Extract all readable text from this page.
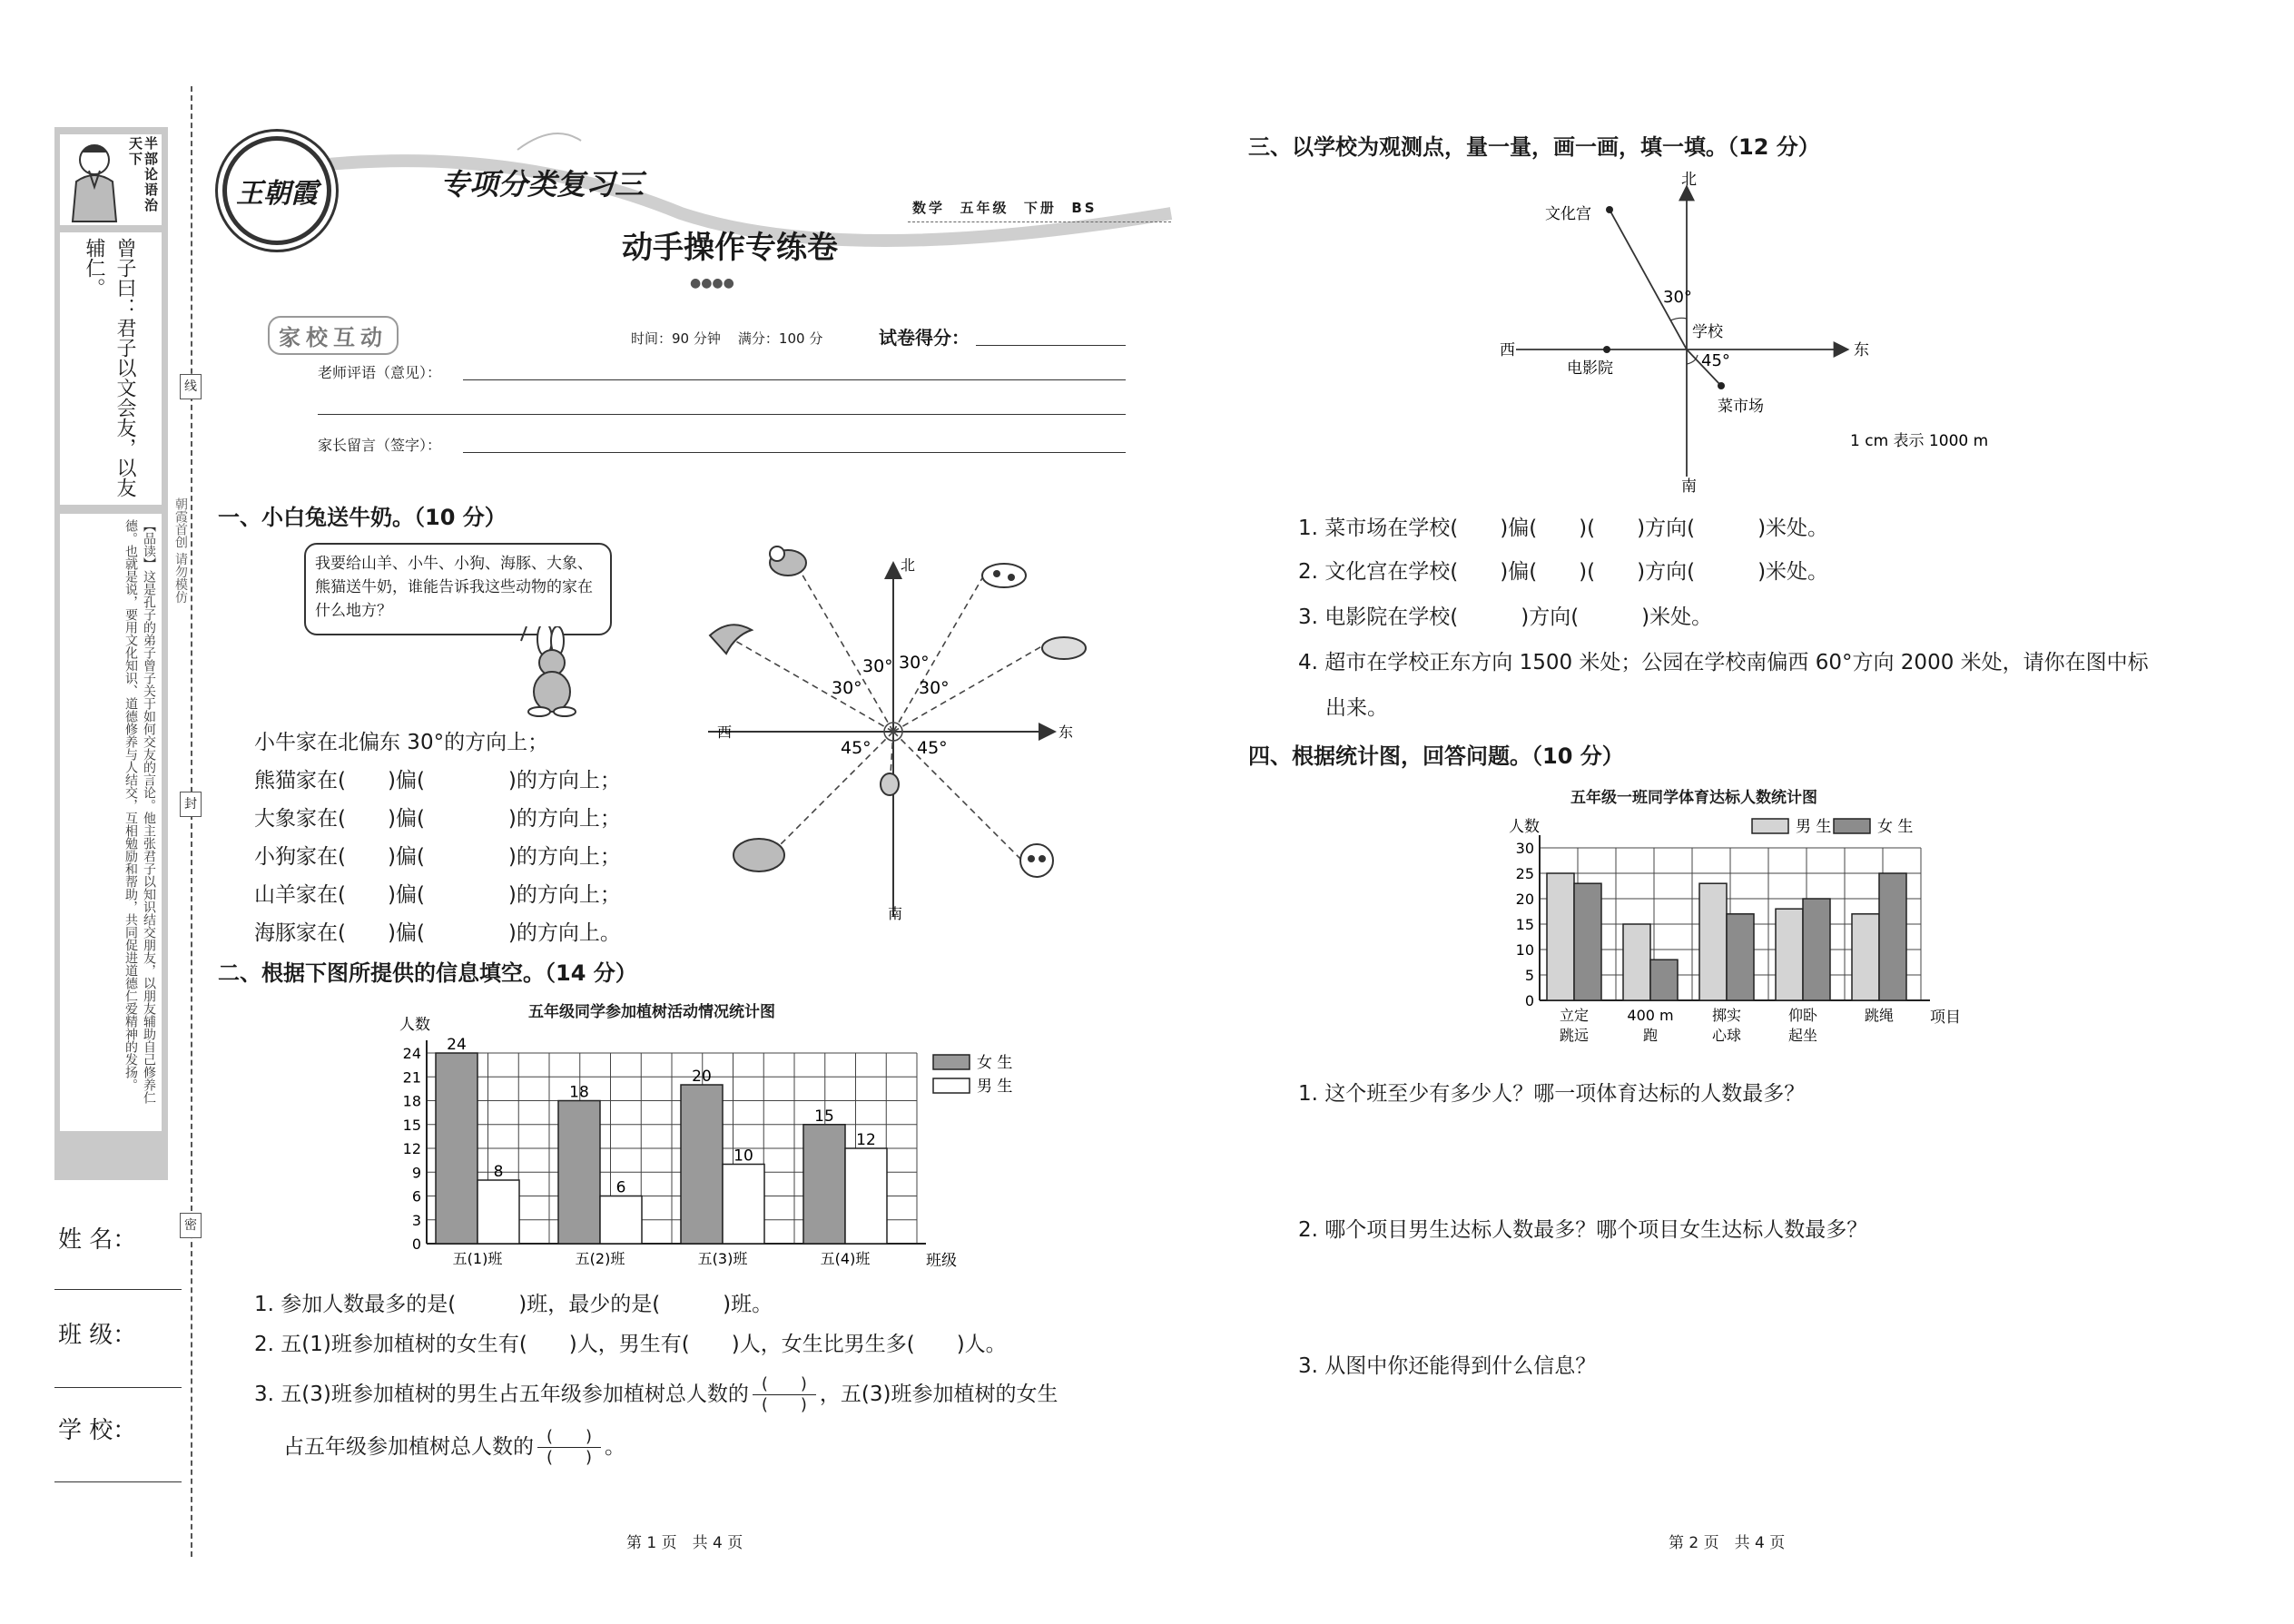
半部论语治天下
曾子曰：君子以文会友，以友辅仁。
【品读】这是孔子的弟子曾子关于如何交友的言论。他主张君子以知识结交朋友，以朋友辅助自己修养仁德。也就是说，要用文化知识、道德修养与人结交，互相勉励和帮助，共同促进道德仁爱精神的发扬。	朝霞首创 请勿模仿
线
封
密
姓 名：
班 级：
学 校：
王朝霞	专项分类复习三
数学  五年级  下册  BS
动手操作专练卷
●●●●
家校互动	时间：90 分钟    满分：100 分	试卷得分：
老师评语（意见）：
家长留言（签字）：
一、小白兔送牛奶。（10 分）
我要给山羊、小牛、小狗、海豚、大象、熊猫送牛奶，谁能告诉我这些动物的家在什么地方？
小牛家在北偏东 30°的方向上；
熊猫家在(　　)偏(　　　　)的方向上；
大象家在(　　)偏(　　　　)的方向上；
小狗家在(　　)偏(　　　　)的方向上；
山羊家在(　　)偏(　　　　)的方向上；
海豚家在(　　)偏(　　　　)的方向上。
北
南
西	东
30° 30°
30°	30°
45°	45°
二、根据下图所提供的信息填空。（14 分）
五年级同学参加植树活动情况统计图
0
3
6
9
12
15
18
21
24
人数
班级
24
18
20
15
8
6
10
12
五(1)班	五(2)班	五(3)班	五(4)班
女 生
男 生
1. 参加人数最多的是(　　　)班，最少的是(　　　)班。
2. 五(1)班参加植树的女生有(　　)人，男生有(　　)人，女生比男生多(　　)人。
3. 五(3)班参加植树的男生占五年级参加植树总人数的 $\frac{( )}{( )}$ ，五(3)班参加植树的女生
占五年级参加植树总人数的 $\frac{( )}{( )}$ 。
第 1 页　共 4 页
三、以学校为观测点，量一量，画一画，填一填。（12 分）
北
南
西	东
学校
文化宫
电影院
菜市场
30°
45°
1 cm 表示 1000 m
1. 菜市场在学校(　　)偏(　　)(　　)方向(　　　)米处。
2. 文化宫在学校(　　)偏(　　)(　　)方向(　　　)米处。
3. 电影院在学校(　　　)方向(　　　)米处。
4. 超市在学校正东方向 1500 米处；公园在学校南偏西 60°方向 2000 米处，请你在图中标
出来。
四、根据统计图，回答问题。（10 分）
五年级一班同学体育达标人数统计图
0
5
10
15
20
25
30
人数
项目
立定
跳远
400 m
跑
掷实
心球
仰卧
起坐
跳绳
男 生	女 生
1. 这个班至少有多少人？哪一项体育达标的人数最多？
2. 哪个项目男生达标人数最多？哪个项目女生达标人数最多？
3. 从图中你还能得到什么信息？
第 2 页　共 4 页
